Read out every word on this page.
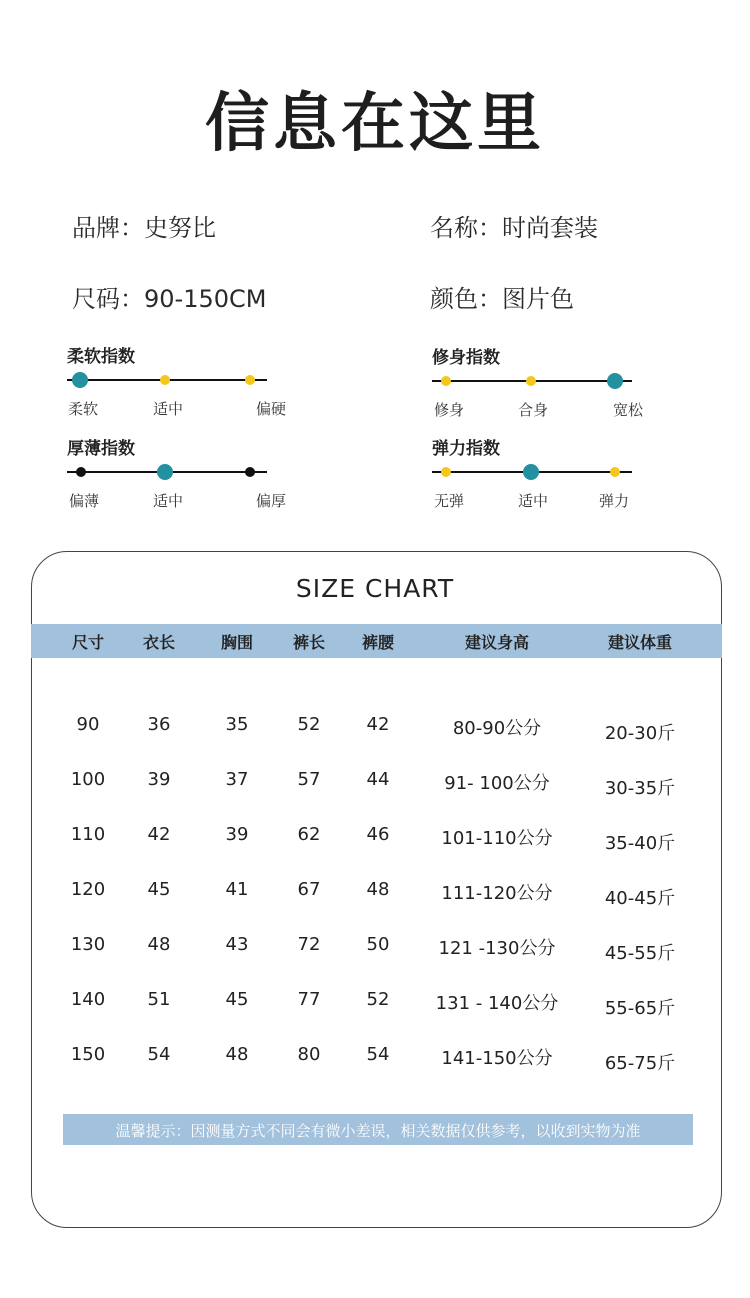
信息在这里
品牌：史努比	名称：时尚套装
尺码：90-150CM	颜色：图片色
柔软指数
柔软	适中	偏硬
修身指数
修身	合身	宽松
厚薄指数
偏薄	适中	偏厚
弹力指数
无弹	适中	弹力
SIZE CHART
尺寸 衣长	胸围 裤长 裤腰	建议身高	建议体重
90	36	35	52	42	80-90公分	20-30斤
100 39	37	57	44	91- 100公分	30-35斤
110 42	39	62	46	101-110公分	35-40斤
120 45	41	67	48	111-120公分	40-45斤
130 48	43	72	50	121 -130公分	45-55斤
140 51	45	77	52	131 - 140公分	55-65斤
150 54	48	80	54	141-150公分	65-75斤
温馨提示：因测量方式不同会有微小差误，相关数据仅供参考，以收到实物为准
